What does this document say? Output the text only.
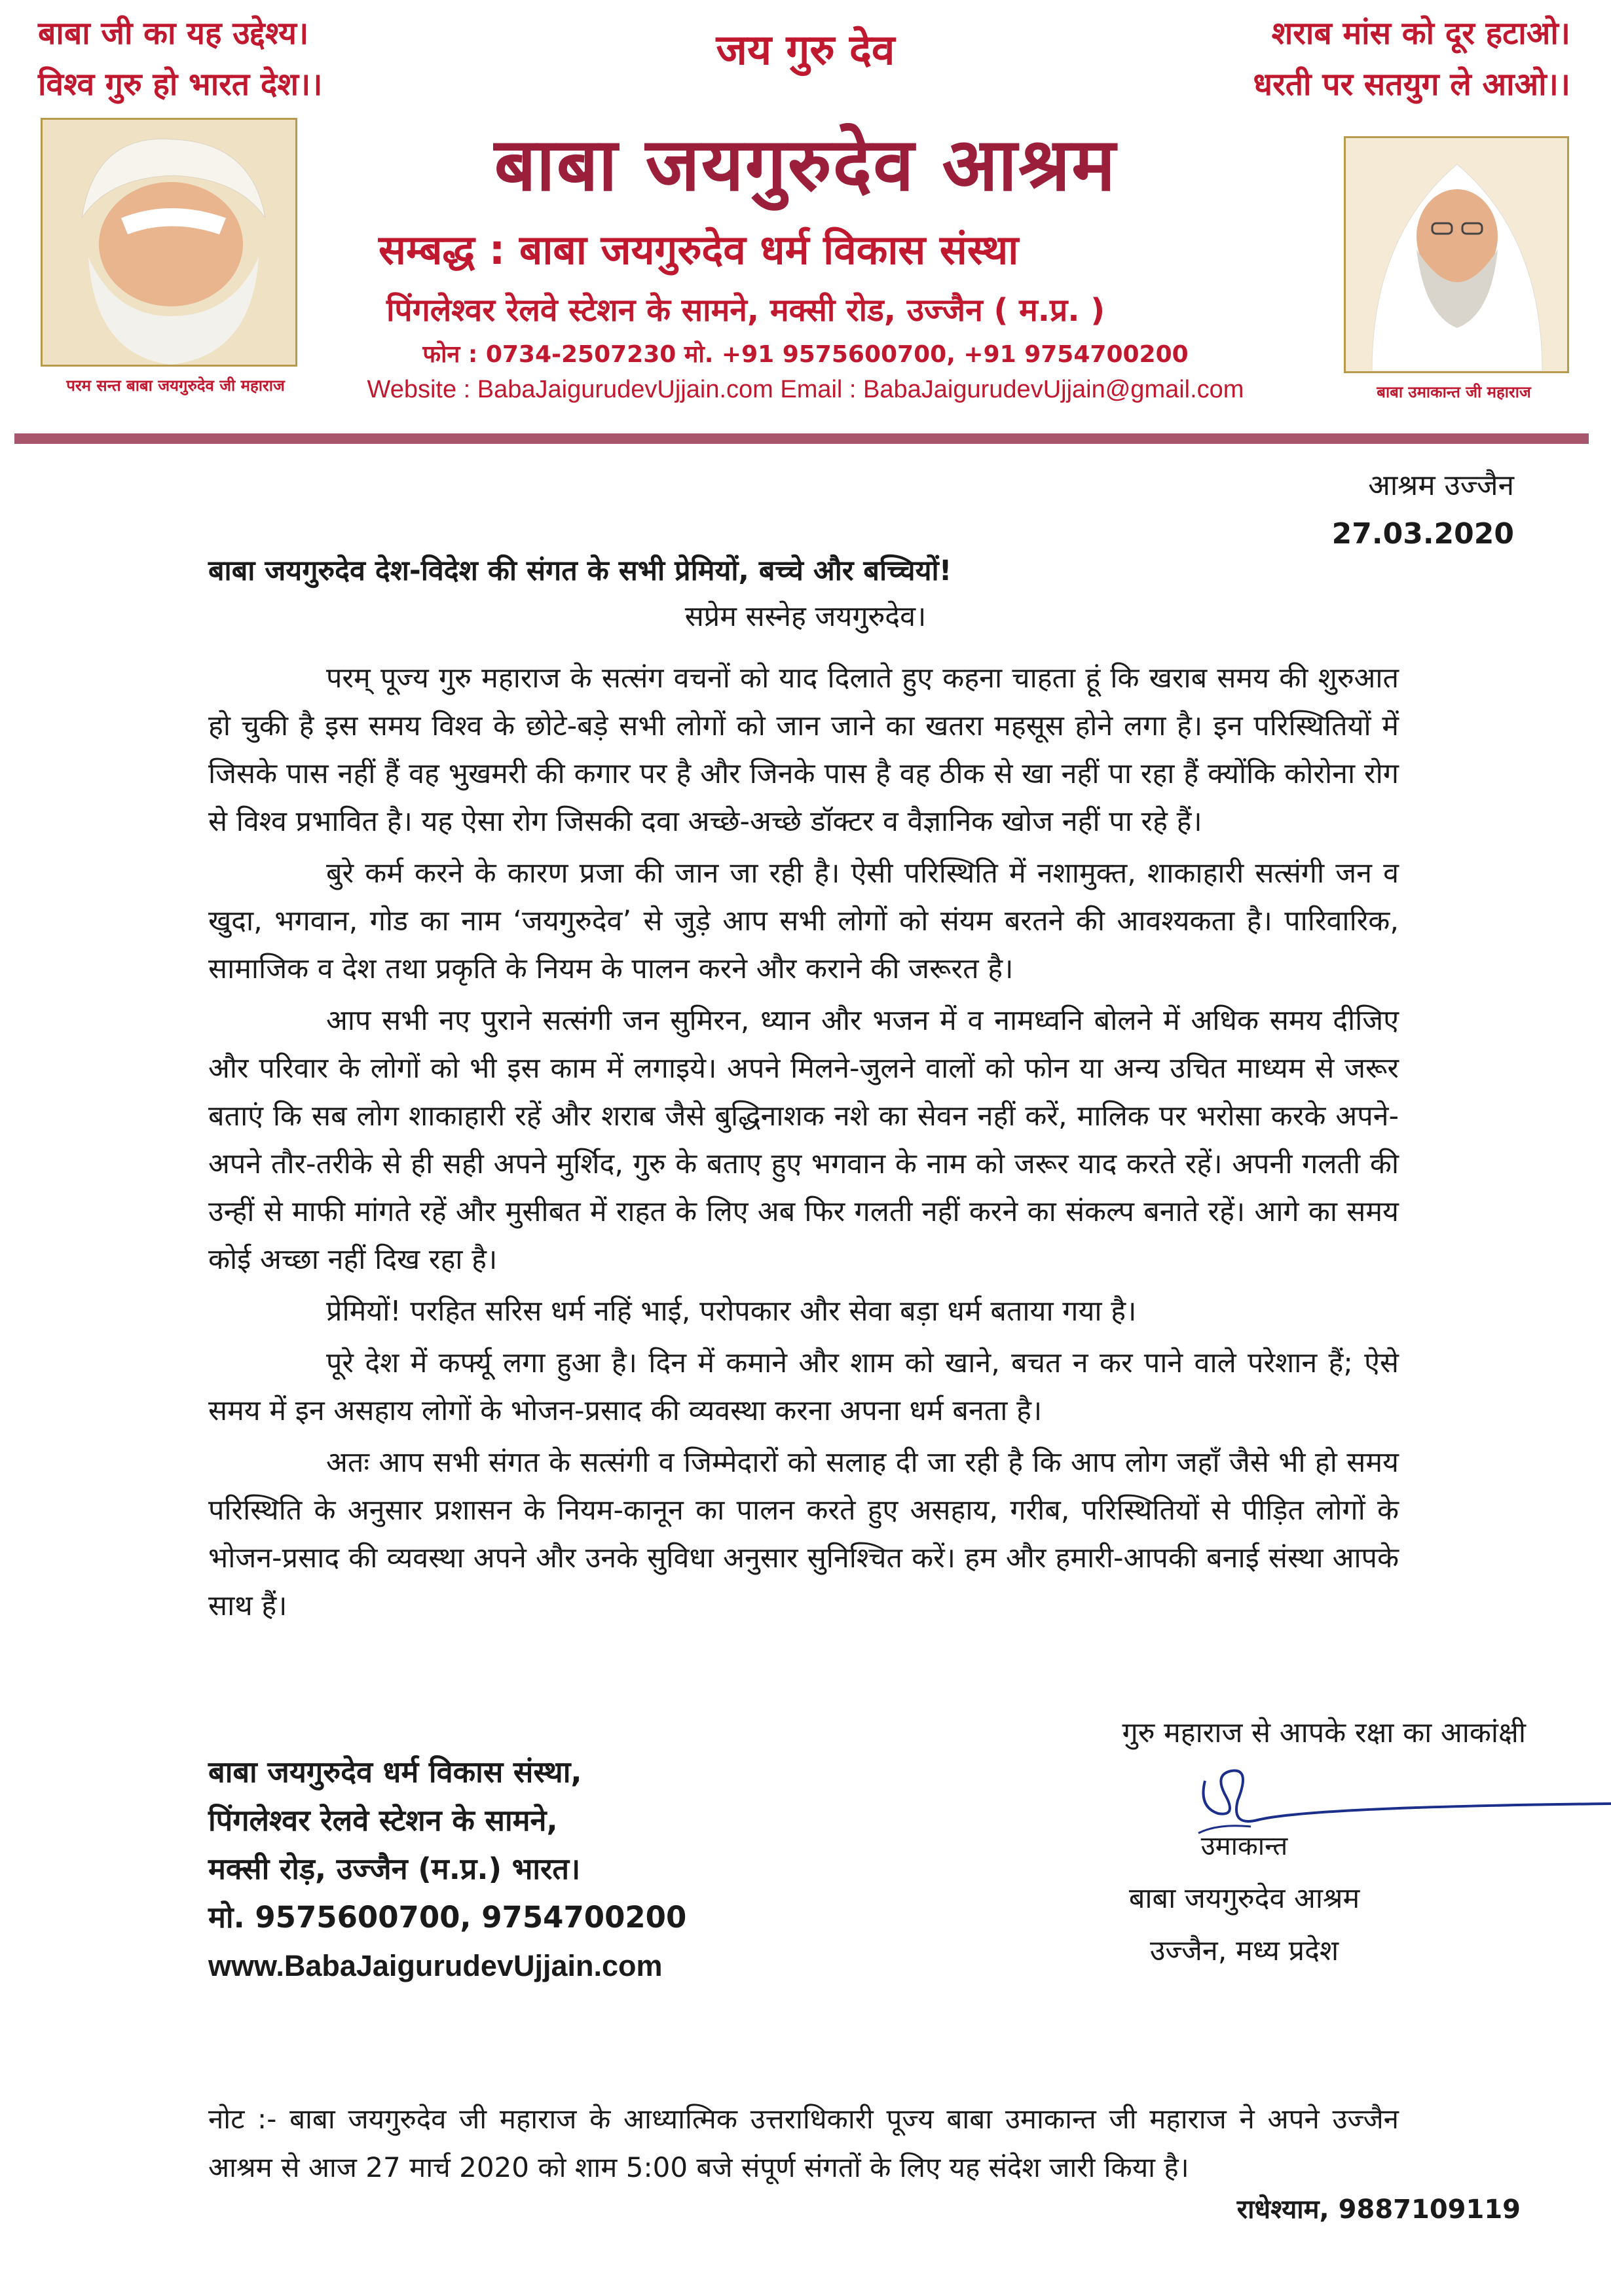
बाबा जी का यह उद्देश्य।
विश्व गुरु हो भारत देश।।
जय गुरु देव	शराब मांस को दूर हटाओ।
धरती पर सतयुग ले आओ।।
परम सन्त बाबा जयगुरुदेव जी महाराज	बाबा उमाकान्त जी महाराज
बाबा जयगुरुदेव आश्रम
सम्बद्ध : बाबा जयगुरुदेव धर्म विकास संस्था
पिंगलेश्वर रेलवे स्टेशन के सामने, मक्सी रोड, उज्जैन ( म.प्र. )
फोन : 0734-2507230 मो. +91 9575600700, +91 9754700200
Website : BabaJaigurudevUjjain.com Email : BabaJaigurudevUjjain@gmail.com
आश्रम उज्जैन
27.03.2020
बाबा जयगुरुदेव देश-विदेश की संगत के सभी प्रेमियों, बच्चे और बच्चियों!
सप्रेम सस्नेह जयगुरुदेव।

परम् पूज्य गुरु महाराज के सत्संग वचनों को याद दिलाते हुए कहना चाहता हूं कि खराब समय की शुरुआत हो चुकी है इस समय विश्व के छोटे-बड़े सभी लोगों को जान जाने का खतरा महसूस होने लगा है। इन परिस्थितियों में जिसके पास नहीं हैं वह भुखमरी की कगार पर है और जिनके पास है वह ठीक से खा नहीं पा रहा हैं क्योंकि कोरोना रोग से विश्व प्रभावित है। यह ऐसा रोग जिसकी दवा अच्छे-अच्छे डॉक्टर व वैज्ञानिक खोज नहीं पा रहे हैं।

बुरे कर्म करने के कारण प्रजा की जान जा रही है। ऐसी परिस्थिति में नशामुक्त, शाकाहारी सत्संगी जन व खुदा, भगवान, गोड का नाम ‘जयगुरुदेव’ से जुड़े आप सभी लोगों को संयम बरतने की आवश्यकता है। पारिवारिक, सामाजिक व देश तथा प्रकृति के नियम के पालन करने और कराने की जरूरत है।

आप सभी नए पुराने सत्संगी जन सुमिरन, ध्यान और भजन में व नामध्वनि बोलने में अधिक समय दीजिए और परिवार के लोगों को भी इस काम में लगाइये। अपने मिलने-जुलने वालों को फोन या अन्य उचित माध्यम से जरूर बताएं कि सब लोग शाकाहारी रहें और शराब जैसे बुद्धिनाशक नशे का सेवन नहीं करें, मालिक पर भरोसा करके अपने-अपने तौर-तरीके से ही सही अपने मुर्शिद, गुरु के बताए हुए भगवान के नाम को जरूर याद करते रहें। अपनी गलती की उन्हीं से माफी मांगते रहें और मुसीबत में राहत के लिए अब फिर गलती नहीं करने का संकल्प बनाते रहें। आगे का समय कोई अच्छा नहीं दिख रहा है।

प्रेमियों! परहित सरिस धर्म नहिं भाई, परोपकार और सेवा बड़ा धर्म बताया गया है।

पूरे देश में कर्फ्यू लगा हुआ है। दिन में कमाने और शाम को खाने, बचत न कर पाने वाले परेशान हैं; ऐसे समय में इन असहाय लोगों के भोजन-प्रसाद की व्यवस्था करना अपना धर्म बनता है।

अतः आप सभी संगत के सत्संगी व जिम्मेदारों को सलाह दी जा रही है कि आप लोग जहाँ जैसे भी हो समय परिस्थिति के अनुसार प्रशासन के नियम-कानून का पालन करते हुए असहाय, गरीब, परिस्थितियों से पीड़ित लोगों के भोजन-प्रसाद की व्यवस्था अपने और उनके सुविधा अनुसार सुनिश्चित करें। हम और हमारी-आपकी बनाई संस्था आपके साथ हैं।

गुरु महाराज से आपके रक्षा का आकांक्षी
बाबा जयगुरुदेव धर्म विकास संस्था,
पिंगलेश्वर रेलवे स्टेशन के सामने,
मक्सी रोड़, उज्जैन (म.प्र.) भारत।
मो. 9575600700, 9754700200
www.BabaJaigurudevUjjain.com
उमाकान्त
बाबा जयगुरुदेव आश्रम
उज्जैन, मध्य प्रदेश
नोट :- बाबा जयगुरुदेव जी महाराज के आध्यात्मिक उत्तराधिकारी पूज्य बाबा उमाकान्त जी महाराज ने अपने उज्जैन आश्रम से आज 27 मार्च 2020 को शाम 5:00 बजे संपूर्ण संगतों के लिए यह संदेश जारी किया है।
राधेश्याम, 9887109119
